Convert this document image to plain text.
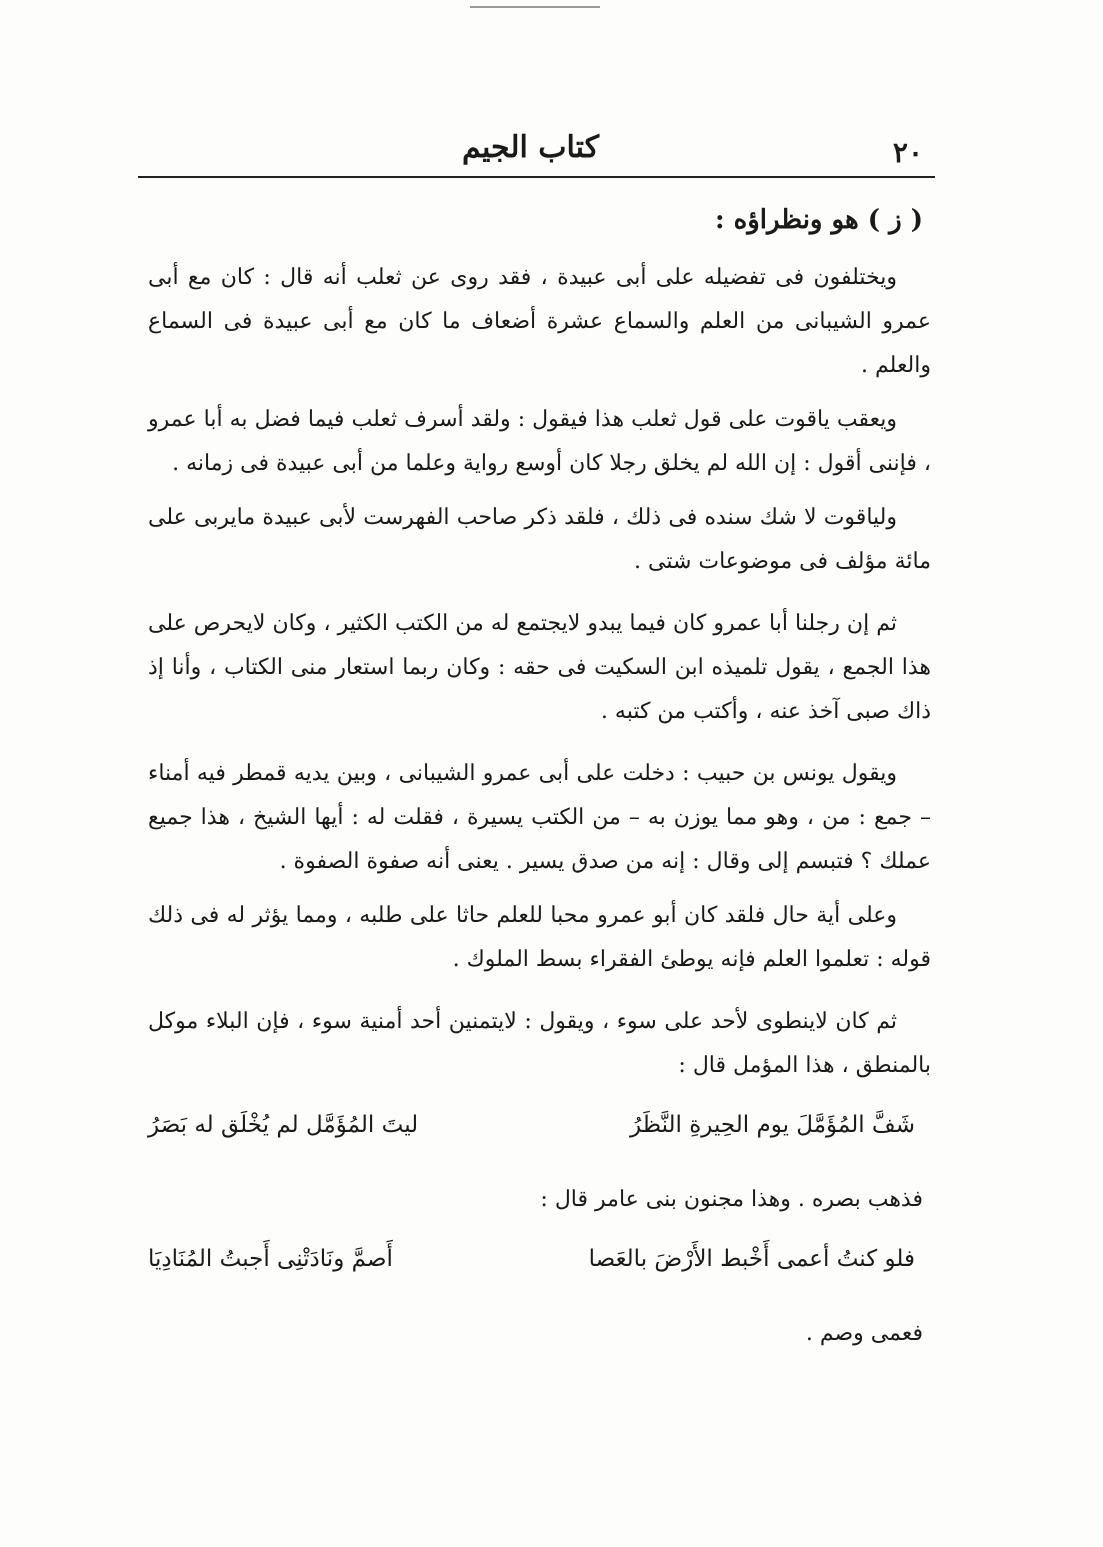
٢٠
كتاب الجيم
( ز ) هو ونظراؤه :

ويختلفون فى تفضيله على أبى عبيدة ، فقد روى عن ثعلب أنه قال : كان مع أبى عمرو الشيبانى من العلم والسماع عشرة أضعاف ما كان مع أبى عبيدة فى السماع والعلم .

ويعقب ياقوت على قول ثعلب هذا فيقول : ولقد أسرف ثعلب فيما فضل به أبا عمرو ، فإننى أقول : إن الله لم يخلق رجلا كان أوسع رواية وعلما من أبى عبيدة فى زمانه .

ولياقوت لا شك سنده فى ذلك ، فلقد ذكر صاحب الفهرست لأبى عبيدة مايربى على مائة مؤلف فى موضوعات شتى .

ثم إن رجلنا أبا عمرو كان فيما يبدو لايجتمع له من الكتب الكثير ، وكان لايحرص على هذا الجمع ، يقول تلميذه ابن السكيت فى حقه : وكان ربما استعار منى الكتاب ، وأنا إذ ذاك صبى آخذ عنه ، وأكتب من كتبه .

ويقول يونس بن حبيب : دخلت على أبى عمرو الشيبانى ، وبين يديه قمطر فيه أمناء – جمع : من ، وهو مما يوزن به – من الكتب يسيرة ، فقلت له : أيها الشيخ ، هذا جميع عملك ؟ فتبسم إلى وقال : إنه من صدق يسير . يعنى أنه صفوة الصفوة .

وعلى أية حال فلقد كان أبو عمرو محبا للعلم حاثا على طلبه ، ومما يؤثر له فى ذلك قوله : تعلموا العلم فإنه يوطئ الفقراء بسط الملوك .

ثم كان لاينطوى لأحد على سوء ، ويقول : لايتمنين أحد أمنية سوء ، فإن البلاء موكل بالمنطق ، هذا المؤمل قال :

شَفَّ المُؤَمَّلَ يوم الحِيرةِ النَّظَرُ
ليتَ المُؤَمَّل لم يُخْلَق له بَصَرُ

فذهب بصره . وهذا مجنون بنى عامر قال :

فلو كنتُ أعمى أَخْبط الأَرْضَ بالعَصا
أَصمَّ ونَادَتْنِى أَجبتُ المُنَادِيَا

فعمى وصم .
